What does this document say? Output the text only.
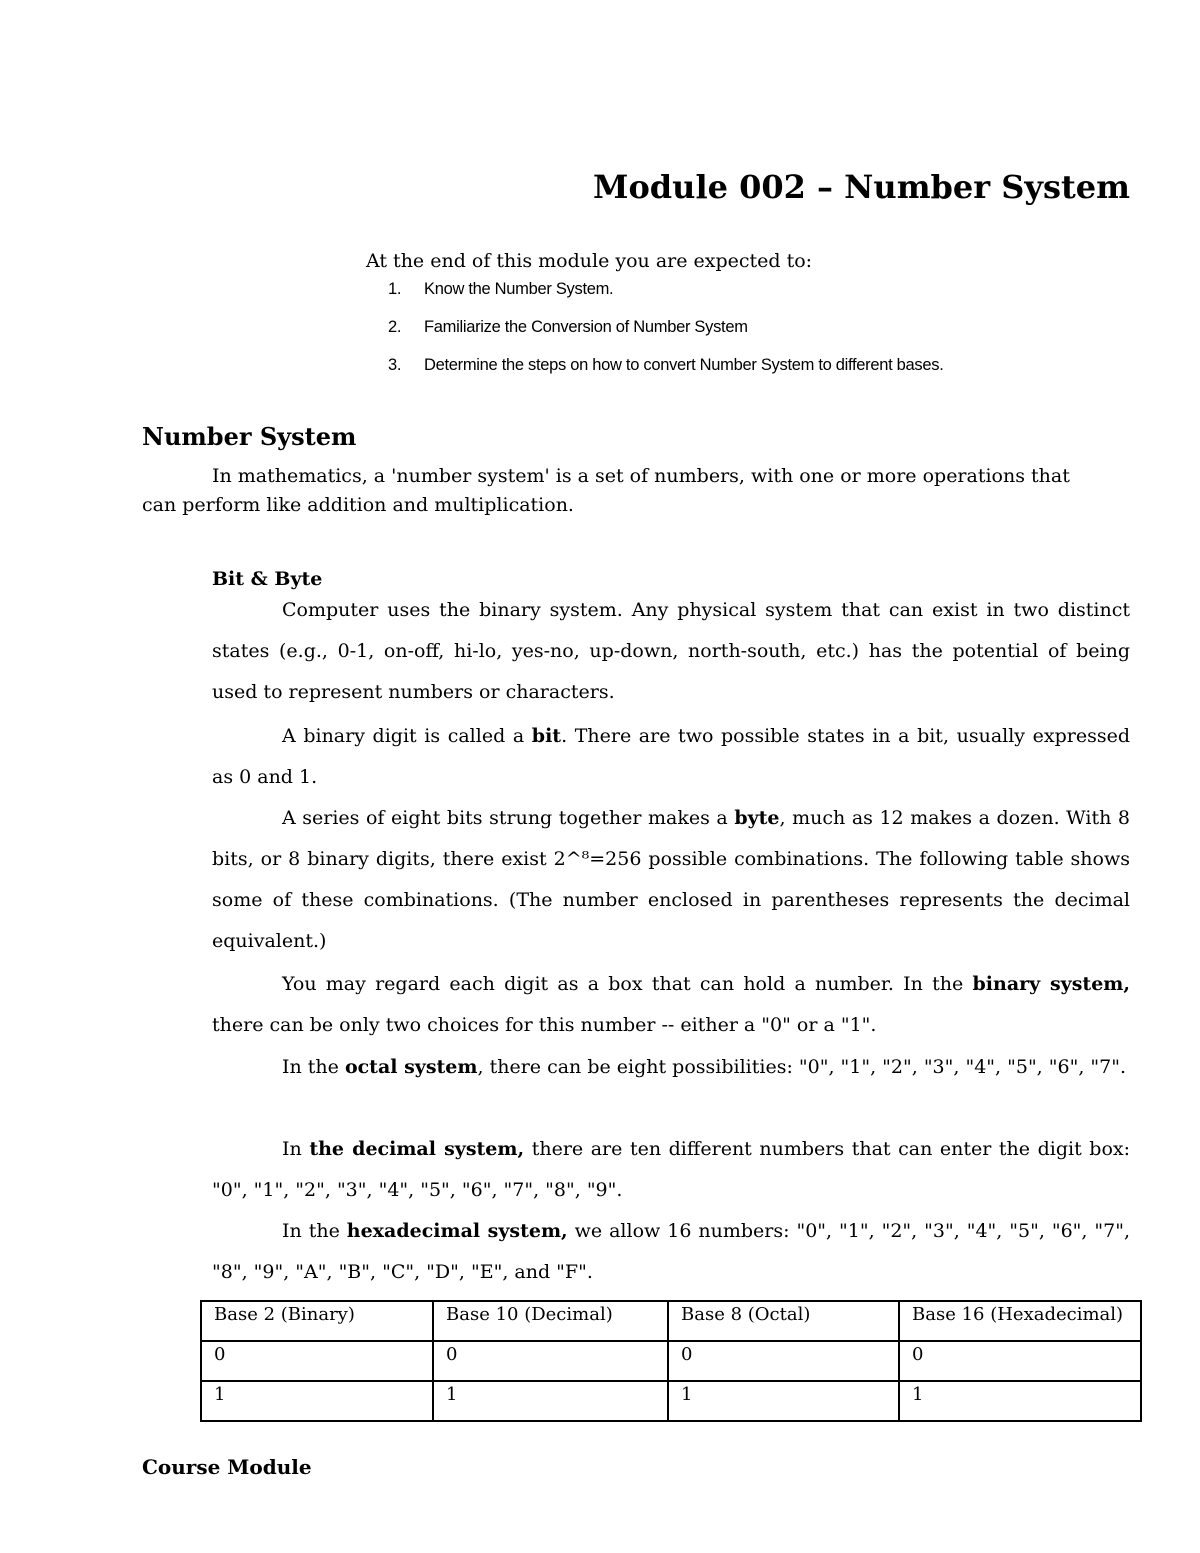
Module 002 – Number System
At the end of this module you are expected to:
1. Know the Number System.
2. Familiarize the Conversion of Number System
3. Determine the steps on how to convert Number System to different bases.
Number System
In mathematics, a 'number system' is a set of numbers, with one or more operations that
can perform like addition and multiplication.
Bit & Byte
Computer uses the binary system. Any physical system that can exist in two distinct states (e.g., 0-1, on-off, hi-lo, yes-no, up-down, north-south, etc.) has the potential of being used to represent numbers or characters.
A binary digit is called a bit. There are two possible states in a bit, usually expressed as 0 and 1.
A series of eight bits strung together makes a byte, much as 12 makes a dozen. With 8 bits, or 8 binary digits, there exist 2^⁸=256 possible combinations. The following table shows some of these combinations. (The number enclosed in parentheses represents the decimal equivalent.)
You may regard each digit as a box that can hold a number. In the binary system, there can be only two choices for this number -- either a "0" or a "1".
In the octal system, there can be eight possibilities: "0", "1", "2", "3", "4", "5", "6", "7".
In the decimal system, there are ten different numbers that can enter the digit box: "0", "1", "2", "3", "4", "5", "6", "7", "8", "9".
In the hexadecimal system, we allow 16 numbers: "0", "1", "2", "3", "4", "5", "6", "7", "8", "9", "A", "B", "C", "D", "E", and "F".
Base 2 (Binary)	Base 10 (Decimal)	Base 8 (Octal)	Base 16 (Hexadecimal)
0	0	0	0
1	1	1	1
Course Module
